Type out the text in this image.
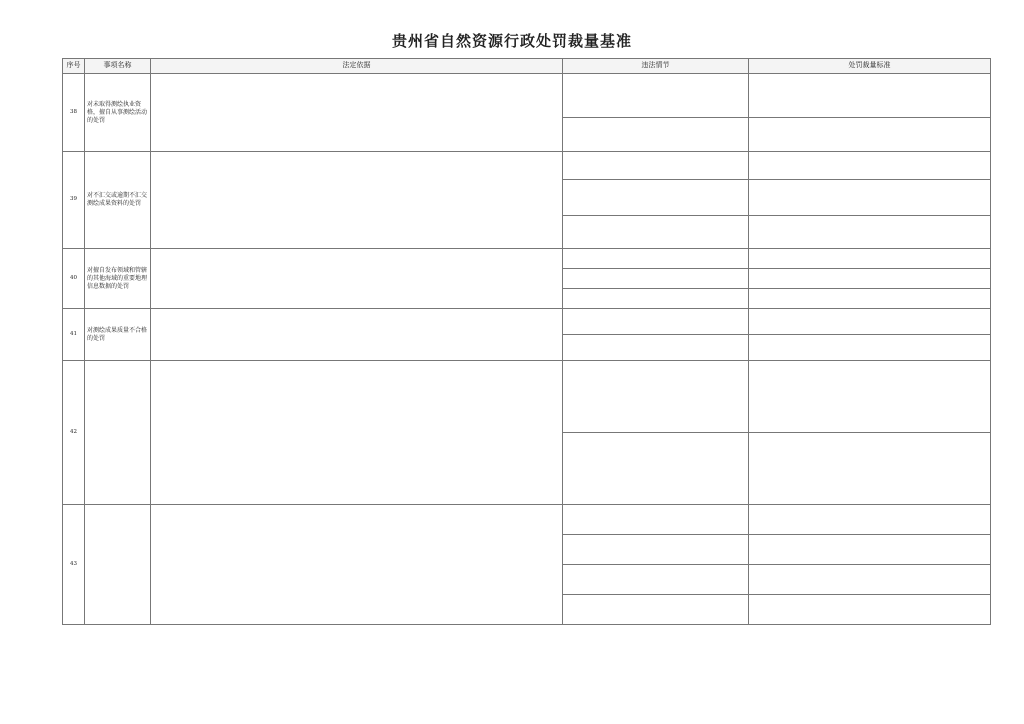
贵州省自然资源行政处罚裁量基准
序号	事项名称	法定依据	违法情节	处罚裁量标准
38	对未取得测绘执业资格，擅自从事测绘活动的处罚			

39	对不汇交或逾期不汇交测绘成果资料的处罚			

40	对擅自发布领域和管辖的其他海域的重要地理信息数据的处罚			

41	对测绘成果质量不合格的处罚			

42				

43				
